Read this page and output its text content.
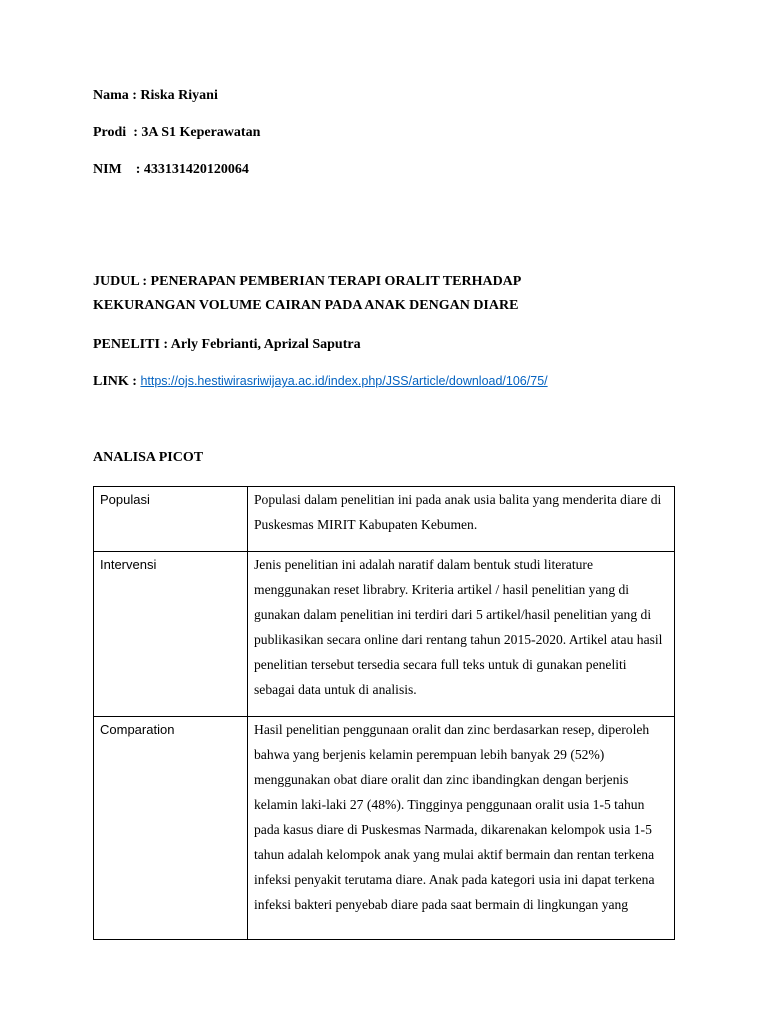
Nama : Riska Riyani

Prodi  : 3A S1 Keperawatan

NIM    : 433131420120064

JUDUL : PENERAPAN PEMBERIAN TERAPI ORALIT TERHADAP

KEKURANGAN VOLUME CAIRAN PADA ANAK DENGAN DIARE

PENELITI : Arly Febrianti, Aprizal Saputra

LINK : https://ojs.hestiwirasriwijaya.ac.id/index.php/JSS/article/download/106/75/

ANALISA PICOT

Populasi	Populasi dalam penelitian ini pada anak usia balita yang menderita diare di Puskesmas MIRIT Kabupaten Kebumen.
Intervensi	Jenis penelitian ini adalah naratif dalam bentuk studi literature menggunakan reset librabry. Kriteria artikel / hasil penelitian yang di gunakan dalam penelitian ini terdiri dari 5 artikel/hasil penelitian yang di publikasikan secara online dari rentang tahun 2015-2020. Artikel atau hasil penelitian tersebut tersedia secara full teks untuk di gunakan peneliti sebagai data untuk di analisis.
Comparation	Hasil penelitian penggunaan oralit dan zinc berdasarkan resep, diperoleh bahwa yang berjenis kelamin perempuan lebih banyak 29 (52%) menggunakan obat diare oralit dan zinc ibandingkan dengan berjenis kelamin laki-laki 27 (48%). Tingginya penggunaan oralit usia 1-5 tahun pada kasus diare di Puskesmas Narmada, dikarenakan kelompok usia 1-5 tahun adalah kelompok anak yang mulai aktif bermain dan rentan terkena infeksi penyakit terutama diare. Anak pada kategori usia ini dapat terkena infeksi bakteri penyebab diare pada saat bermain di lingkungan yang
